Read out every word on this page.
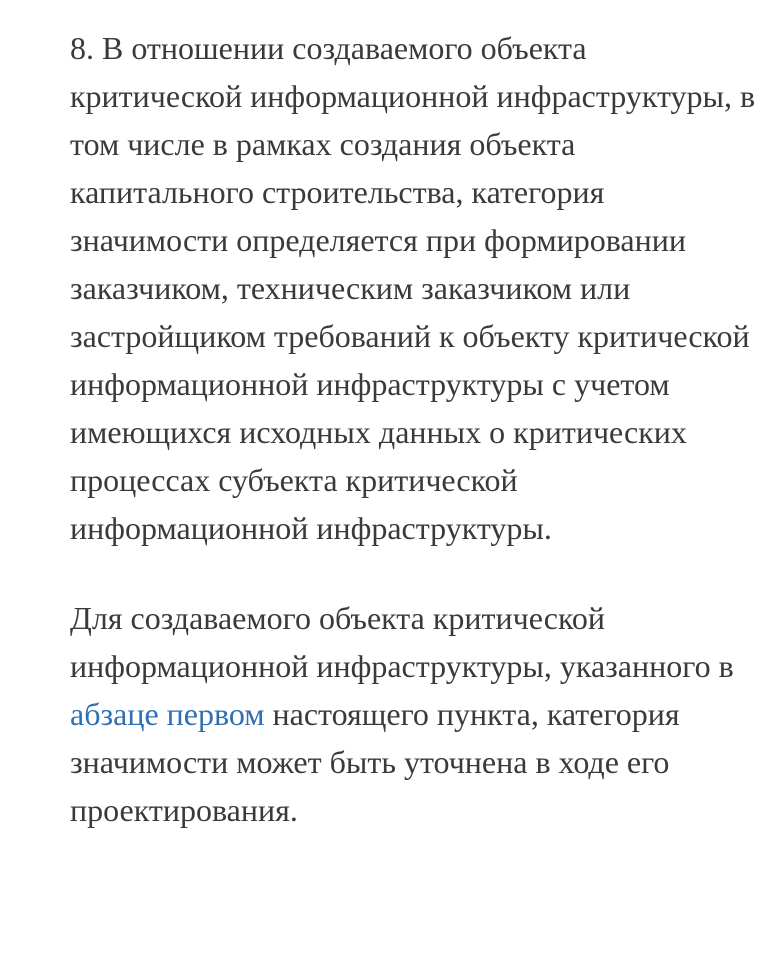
8. В отношении создаваемого объекта критической информационной инфраструктуры, в том числе в рамках создания объекта капитального строительства, категория значимости определяется при формировании заказчиком, техническим заказчиком или застройщиком требований к объекту критической информационной инфраструктуры с учетом имеющихся исходных данных о критических процессах субъекта критической информационной инфраструктуры.

Для создаваемого объекта критической информационной инфраструктуры, указанного в абзаце первом настоящего пункта, категория значимости может быть уточнена в ходе его проектирования.
